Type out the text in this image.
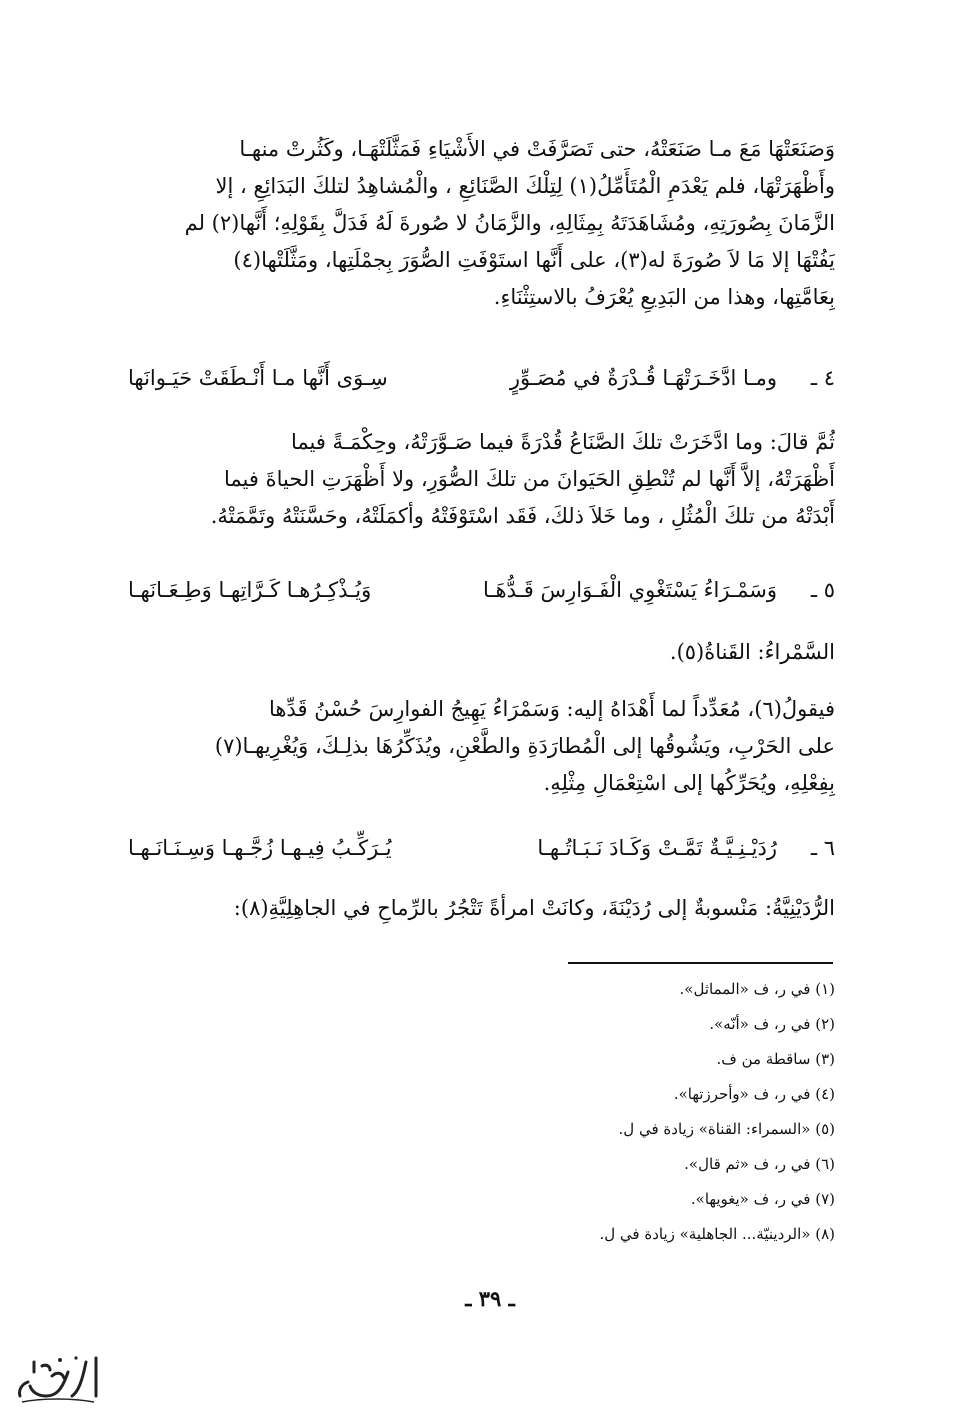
وَصَنَعَتْهَا مَعَ مـا صَنَعَتْهُ، حتى تَصَرَّفَتْ في الأَشْيَاءِ فَمَثَّلَتْهَـا، وكَثُرتْ منهـا
وأَظْهَرَتْهَا، فلم يَعْدَمِ الْمُتَأَمِّلُ(١) لِتِلْكَ الصَّنَائِعِ ، والْمُشاهِدُ لتلكَ البَدَائِعِ ، إلا
الزَّمَانَ بِصُورَتِهِ، ومُشَاهَدَتَهُ بِمِثَالِهِ، والزَّمَانُ لا صُورةَ لَهُ فَدَلَّ بِقَوْلِهِ؛ أَنَّها(٢) لم
يَفُتْهَا إلا مَا لاَ صُورَةَ له(٣)، على أَنَّها استَوْفَتِ الصُّوَرَ بِجمْلَتِها، ومَثَّلَتْها(٤)
بِعَامَّتِها، وهذا من البَدِيعِ يُعْرَفُ بالاستِثْنَاءِ.
٤ ـ
ومـا ادَّخَـرَتْهَـا قُـدْرَةٌ في مُصَـوِّرٍ
سِـوَى أَنَّها مـا أَنْـطَقَتْ حَيَـوانَها
ثُمَّ قالَ: وما ادَّخَرَتْ تلكَ الصَّنَاعُ قُدْرَةً فيما صَـوَّرَتْهُ، وحِكْمَـةً فيما
أَظْهَرَتْهُ، إلاَّ أَنَّها لم تُنْطِقِ الحَيَوانَ من تلكَ الصُّوَرِ، ولا أَظْهَرَتِ الحياةَ فيما
أَبْدَتْهُ من تلكَ الْمُثُلِ ، وما خَلاَ ذلكَ، فَقَد اسْتَوْفَتْهُ وأكمَلَتْهُ، وحَسَّنَتْهُ وتَمَّمَتْهُ.
٥ ـ
وَسَمْـرَاءُ يَسْتَغْوِي الْفَـوَارِسَ قَـدُّهَـا
وَيُـذْكِـرُهـا كَـرَّاتِهـا وَطِـعَـانَهـا
السَّمْراءُ: القَناةُ(٥).
فيقولُ(٦)، مُعَدِّداً لما أَهْدَاهُ إليه: وَسَمْرَاءُ يَهِيجُ الفوارِسَ حُسْنُ قَدِّها
على الحَرْبِ، ويَشُوقُها إلى الْمُطارَدَةِ والطَّعْنِ، ويُذَكِّرُهَا بذلِـكَ، وَيُغْرِيهـا(٧)
بِفِعْلِهِ، ويُحَرِّكُها إلى اسْتِعْمَالِ مِثْلِهِ.
٦ ـ
رُدَيْـنِـيَّـةٌ تَمَّـتْ وَكَـادَ نَـبَـاتُـهـا
يُـرَكِّـبُ فِيـهـا زُجَّـهـا وَسِـنَـانَـهـا
الرُّدَيْنِيَّةُ: مَنْسوبةٌ إلى رُدَيْنَةَ، وكانَتْ امرأةً تَتْجُرُ بالرِّماحِ في الجاهِلِيَّةِ(٨):
(١) في ر، ف «المماثل».
(٢) في ر، ف «أنّه».
(٣) ساقطة من ف.
(٤) في ر، ف «وأحرزتها».
(٥) «السمراء: القناة» زيادة في ل.
(٦) في ر، ف «ثم قال».
(٧) في ر، ف «يغويها».
(٨) «الردينيّة... الجاهلية» زيادة في ل.
ـ ٣٩ ـ
